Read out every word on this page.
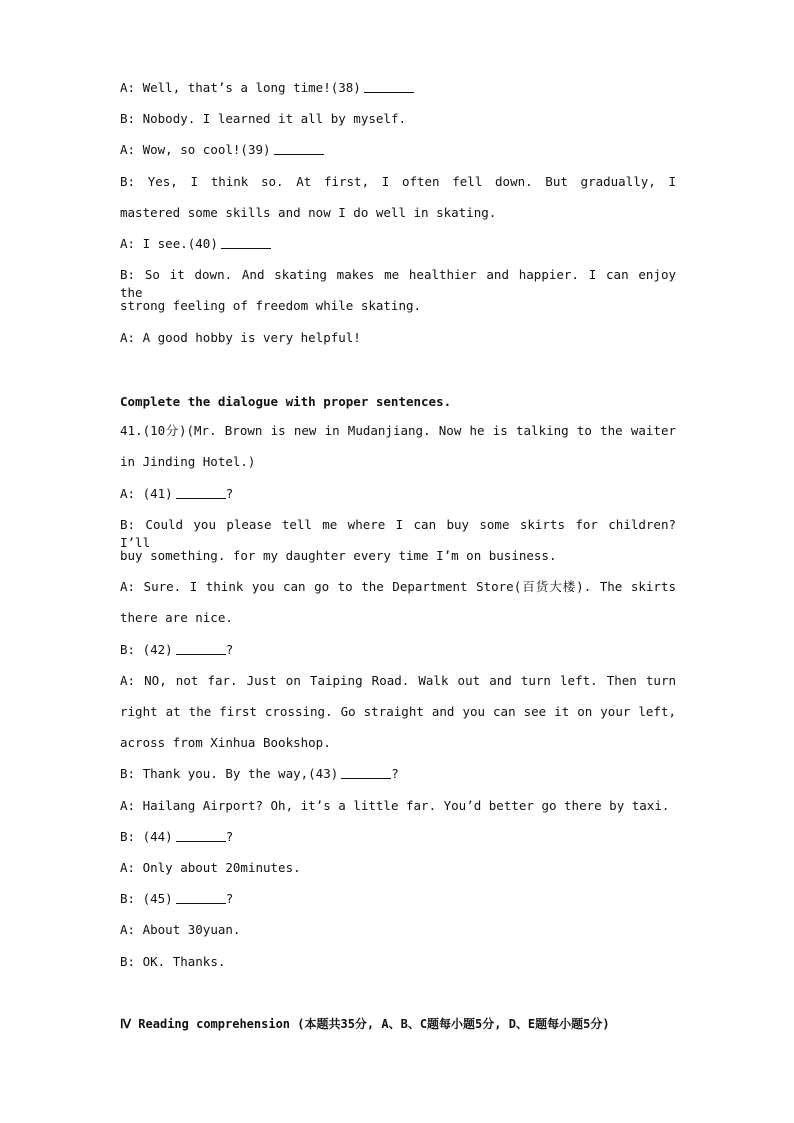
A: Well, that’s a long time!(38)
B: Nobody. I learned it all by myself.
A: Wow, so cool!(39)
B: Yes, I think so. At first, I often fell down. But gradually, I
mastered some skills and now I do well in skating.
A: I see.(40)
B: So it down. And skating makes me healthier and happier. I can enjoy the
strong feeling of freedom while skating.
A: A good hobby is very helpful!
Complete the dialogue with proper sentences.
41.(10分)(Mr. Brown is new in Mudanjiang. Now he is talking to the waiter
in Jinding Hotel.)
A: (41)	?
B: Could you please tell me where I can buy some skirts for children? I’ll
buy something. for my daughter every time I’m on business.
A: Sure. I think you can go to the Department Store(百货大楼). The skirts
there are nice.
B: (42)	?
A: NO, not far. Just on Taiping Road. Walk out and turn left. Then turn
right at the first crossing. Go straight and you can see it on your left,
across from Xinhua Bookshop.
B: Thank you. By the way,(43)	?
A: Hailang Airport? Oh, it’s a little far. You’d better go there by taxi.
B: (44)	?
A: Only about 20minutes.
B: (45)	?
A: About 30yuan.
B: OK. Thanks.
Ⅳ Reading comprehension (本题共35分, A、B、C题每小题5分, D、E题每小题5分)
